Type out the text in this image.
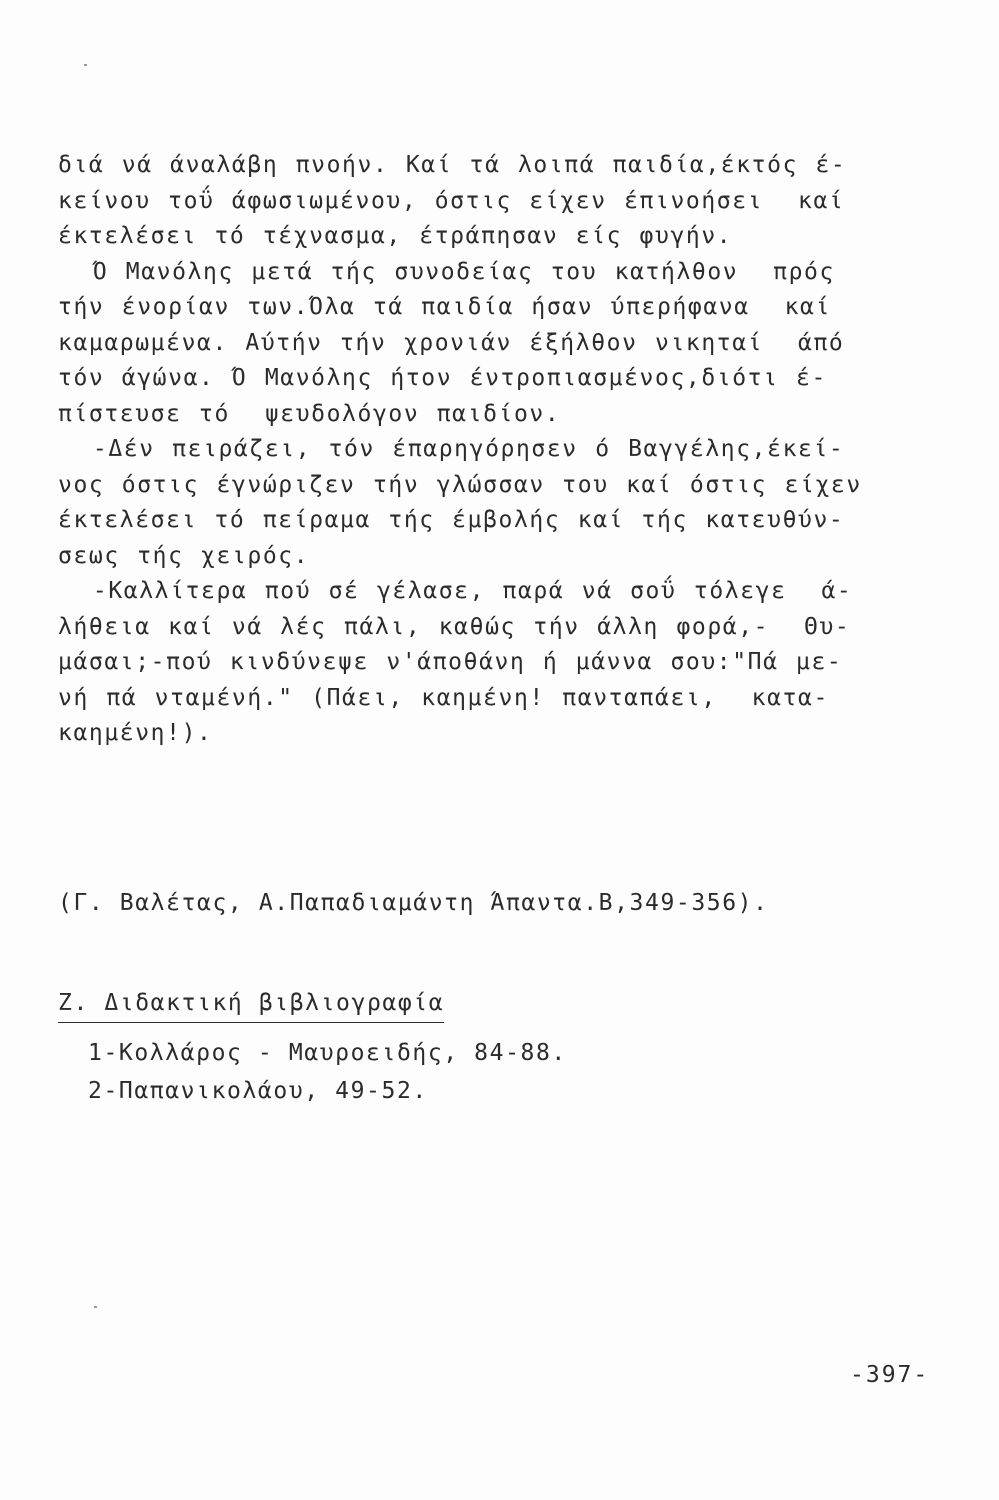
διά νά άναλάβη πνοήν. Καί τά λοιπά παιδία,έκτός έ-
κείνου τοΰ άφωσιωμένου, όστις είχεν έπινοήσει  καί
έκτελέσει τό τέχνασμα, έτράπησαν είς φυγήν.
Ό Μανόλης μετά τής συνοδείας του κατήλθον  πρός
τήν ένορίαν των.Όλα τά παιδία ήσαν ύπερήφανα  καί
καμαρωμένα. Αύτήν τήν χρονιάν έξήλθον νικηταί  άπό
τόν άγώνα. Ό Μανόλης ήτον έντροπιασμένος,διότι έ-
πίστευσε τό  ψευδολόγον παιδίον.
-Δέν πειράζει, τόν έπαρηγόρησεν ό Βαγγέλης,έκεί-
νος όστις έγνώριζεν τήν γλώσσαν του καί όστις είχεν
έκτελέσει τό πείραμα τής έμβολής καί τής κατευθύν-
σεως τής χειρός.
-Καλλίτερα πού σέ γέλασε, παρά νά σοΰ τόλεγε  ά-
λήθεια καί νά λές πάλι, καθώς τήν άλλη φορά,-  Θυ-
μάσαι;-πού κινδύνεψε ν'άποθάνη ή μάννα σου:"Πά με-
νή πά νταμένή." (Πάει, καημένη! πανταπάει,  κατα-
καημένη!).
(Γ. Βαλέτας, Α.Παπαδιαμάντη Άπαντα.Β,349-356).
Ζ. Διδακτική βιβλιογραφία
1-Κολλάρος - Μαυροειδής, 84-88.
2-Παπανικολάου, 49-52.
-397-
